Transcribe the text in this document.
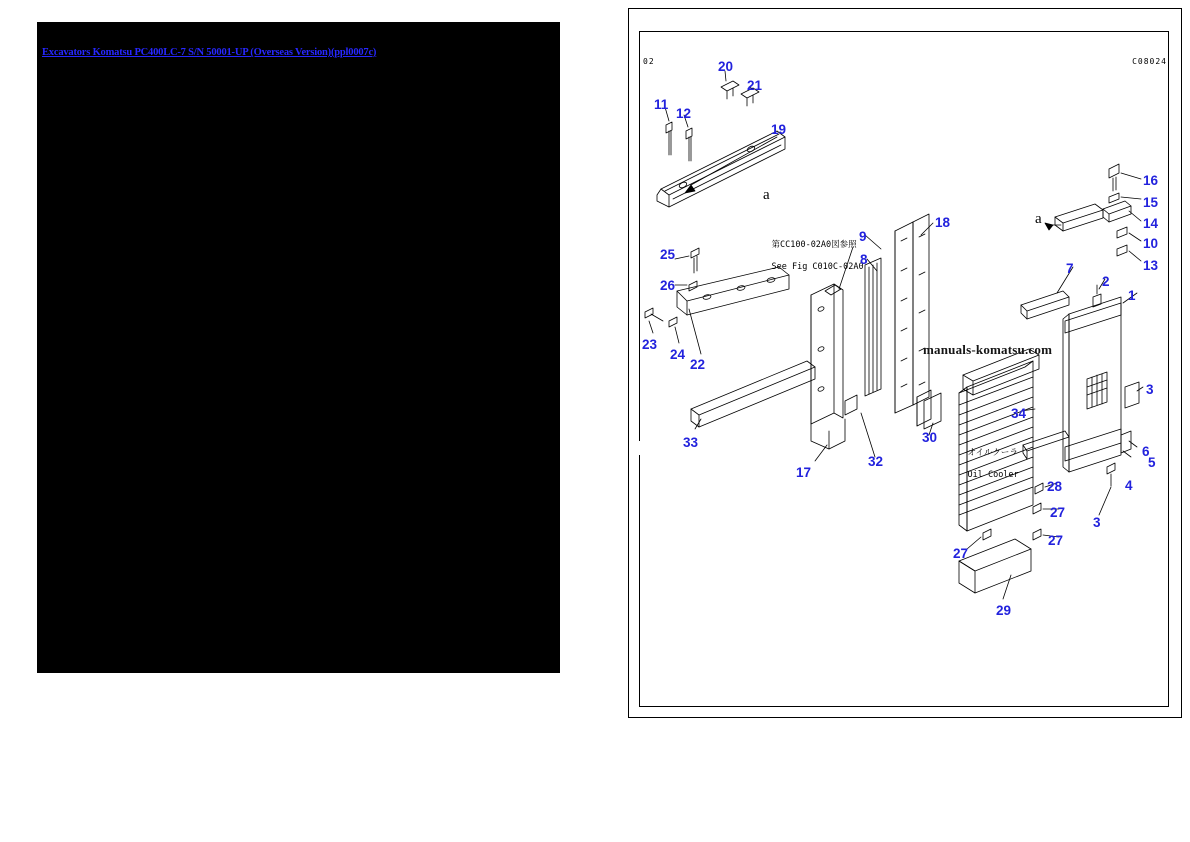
Excavators Komatsu PC400LC-7 S/N 50001-UP (Overseas Version)(ppl0007c)
02	C08024
a
a

第CC100-02A0図参照

See Fig C010C-02A0

オイルクーラ

Oil Cooler

manuals-komatsu.com
20
21
11
12
19
18
9
8
25
26
23
24
22
33
17
32
30
34
16
15
14
10
13
7
2
1
3
6
5
4
3
28
27
27
27
29
